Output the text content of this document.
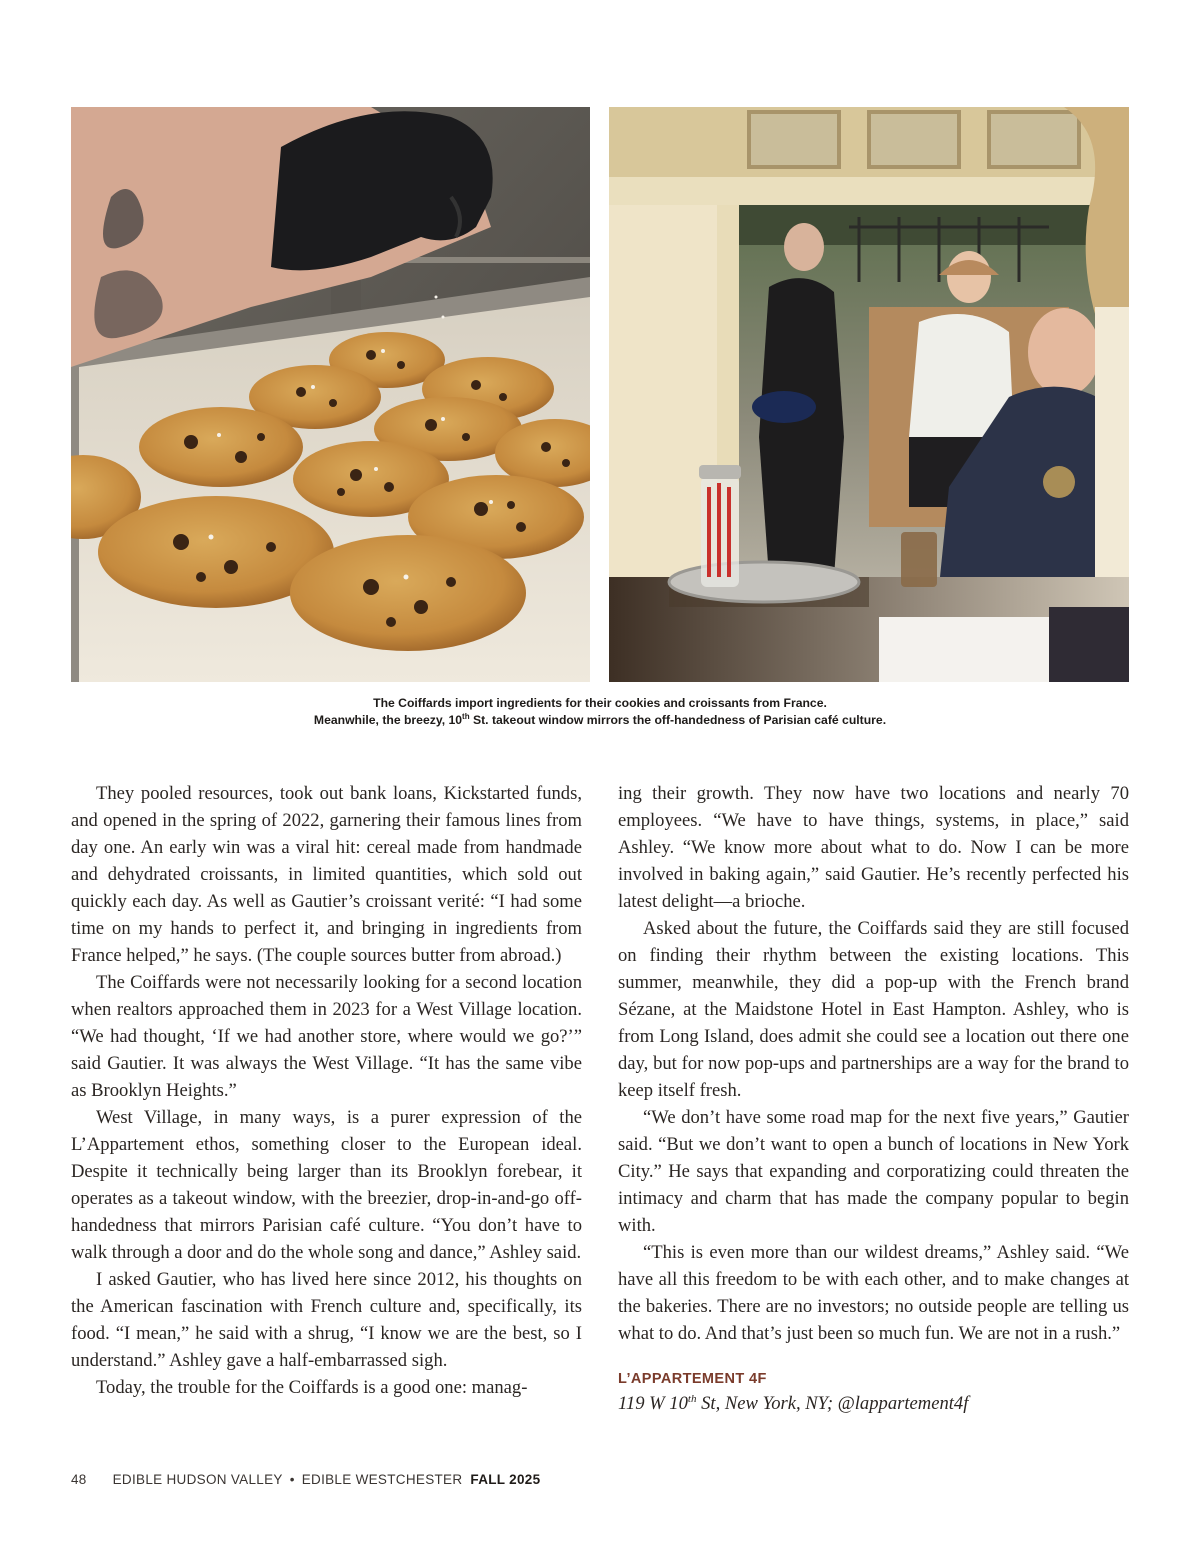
The Coiffards import ingredients for their cookies and croissants from France.
Meanwhile, the breezy, 10th St. takeout window mirrors the off-handedness of Parisian café culture.

They pooled resources, took out bank loans, Kickstarted funds, and opened in the spring of 2022, garnering their famous lines from day one. An early win was a viral hit: cereal made from handmade and dehydrated croissants, in limited quantities, which sold out quickly each day. As well as Gautier’s croissant verité: “I had some time on my hands to perfect it, and bringing in ingredients from France helped,” he says. (The couple sources butter from abroad.)

The Coiffards were not necessarily looking for a second location when realtors approached them in 2023 for a West Village location. “We had thought, ‘If we had another store, where would we go?’” said Gautier. It was always the West Village. “It has the same vibe as Brooklyn Heights.”

West Village, in many ways, is a purer expression of the L’Appartement ethos, something closer to the European ideal. Despite it technically being larger than its Brooklyn forebear, it operates as a takeout window, with the breezier, drop-in-and-go off-handedness that mirrors Parisian café culture. “You don’t have to walk through a door and do the whole song and dance,” Ashley said.

I asked Gautier, who has lived here since 2012, his thoughts on the American fascination with French culture and, specifically, its food. “I mean,” he said with a shrug, “I know we are the best, so I understand.” Ashley gave a half-embarrassed sigh.

Today, the trouble for the Coiffards is a good one: manag-

ing their growth. They now have two locations and nearly 70 employees. “We have to have things, systems, in place,” said Ashley. “We know more about what to do. Now I can be more involved in baking again,” said Gautier. He’s recently perfected his latest delight—a brioche.

Asked about the future, the Coiffards said they are still focused on finding their rhythm between the existing locations. This summer, meanwhile, they did a pop-up with the French brand Sézane, at the Maidstone Hotel in East Hampton. Ashley, who is from Long Island, does admit she could see a location out there one day, but for now pop-ups and partnerships are a way for the brand to keep itself fresh.

“We don’t have some road map for the next five years,” Gautier said. “But we don’t want to open a bunch of locations in New York City.” He says that expanding and corporatizing could threaten the intimacy and charm that has made the company popular to begin with.

“This is even more than our wildest dreams,” Ashley said. “We have all this freedom to be with each other, and to make changes at the bakeries. There are no investors; no outside people are telling us what to do. And that’s just been so much fun. We are not in a rush.”

L’APPARTEMENT 4F
119 W 10th St, New York, NY; @lappartement4f
48 EDIBLE HUDSON VALLEY • EDIBLE WESTCHESTER FALL 2025
